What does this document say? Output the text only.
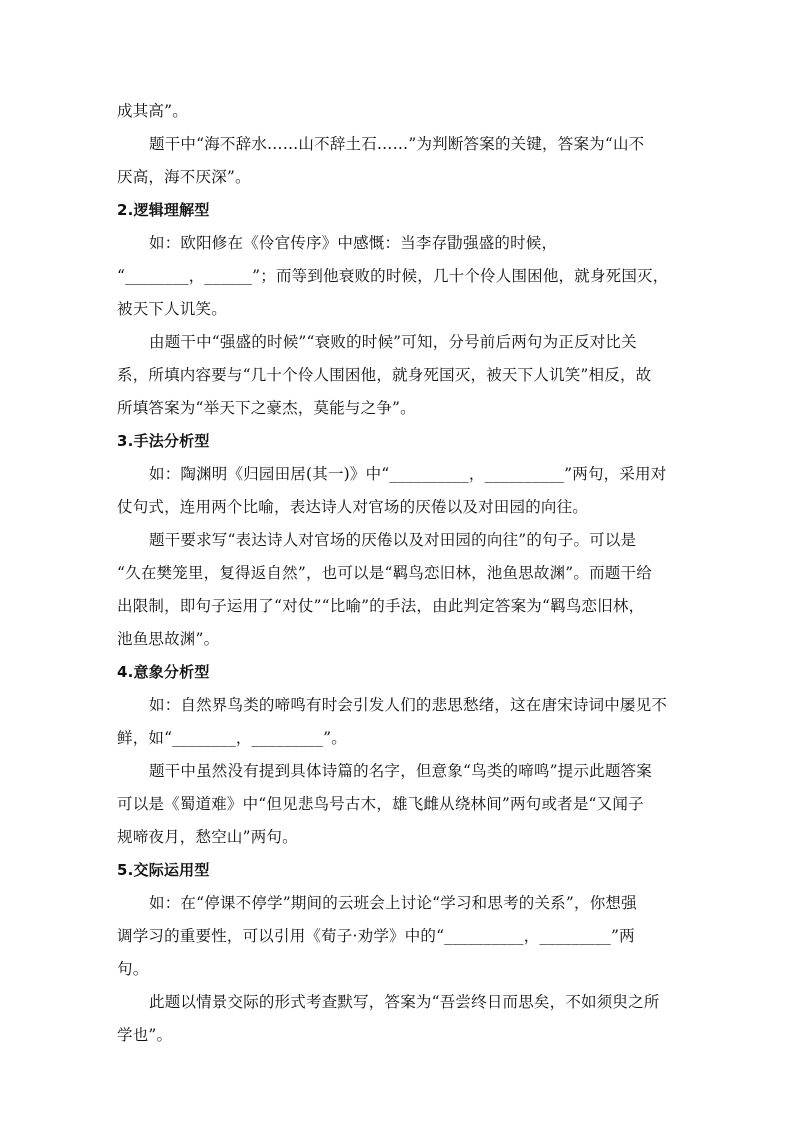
成其高”。
题干中“海不辞水……山不辞土石……”为判断答案的关键，答案为“山不
厌高，海不厌深”。
2.逻辑理解型
如：欧阳修在《伶官传序》中感慨：当李存勖强盛的时候，
“________，______”；而等到他衰败的时候，几十个伶人围困他，就身死国灭，
被天下人讥笑。
由题干中“强盛的时候”“衰败的时候”可知，分号前后两句为正反对比关
系，所填内容要与“几十个伶人围困他，就身死国灭，被天下人讥笑”相反，故
所填答案为“举天下之豪杰，莫能与之争”。
3.手法分析型
如：陶渊明《归园田居(其一)》中“__________，__________”两句，采用对
仗句式，连用两个比喻，表达诗人对官场的厌倦以及对田园的向往。
题干要求写“表达诗人对官场的厌倦以及对田园的向往”的句子。可以是
“久在樊笼里，复得返自然”，也可以是“羁鸟恋旧林，池鱼思故渊”。而题干给
出限制，即句子运用了“对仗”“比喻”的手法，由此判定答案为“羁鸟恋旧林，
池鱼思故渊”。
4.意象分析型
如：自然界鸟类的啼鸣有时会引发人们的悲思愁绪，这在唐宋诗词中屡见不
鲜，如“________，_________”。
题干中虽然没有提到具体诗篇的名字，但意象“鸟类的啼鸣”提示此题答案
可以是《蜀道难》中“但见悲鸟号古木，雄飞雌从绕林间”两句或者是“又闻子
规啼夜月，愁空山”两句。
5.交际运用型
如：在“停课不停学”期间的云班会上讨论“学习和思考的关系”，你想强
调学习的重要性，可以引用《荀子·劝学》中的“__________，_________”两
句。
此题以情景交际的形式考查默写，答案为“吾尝终日而思矣，不如须臾之所
学也”。
